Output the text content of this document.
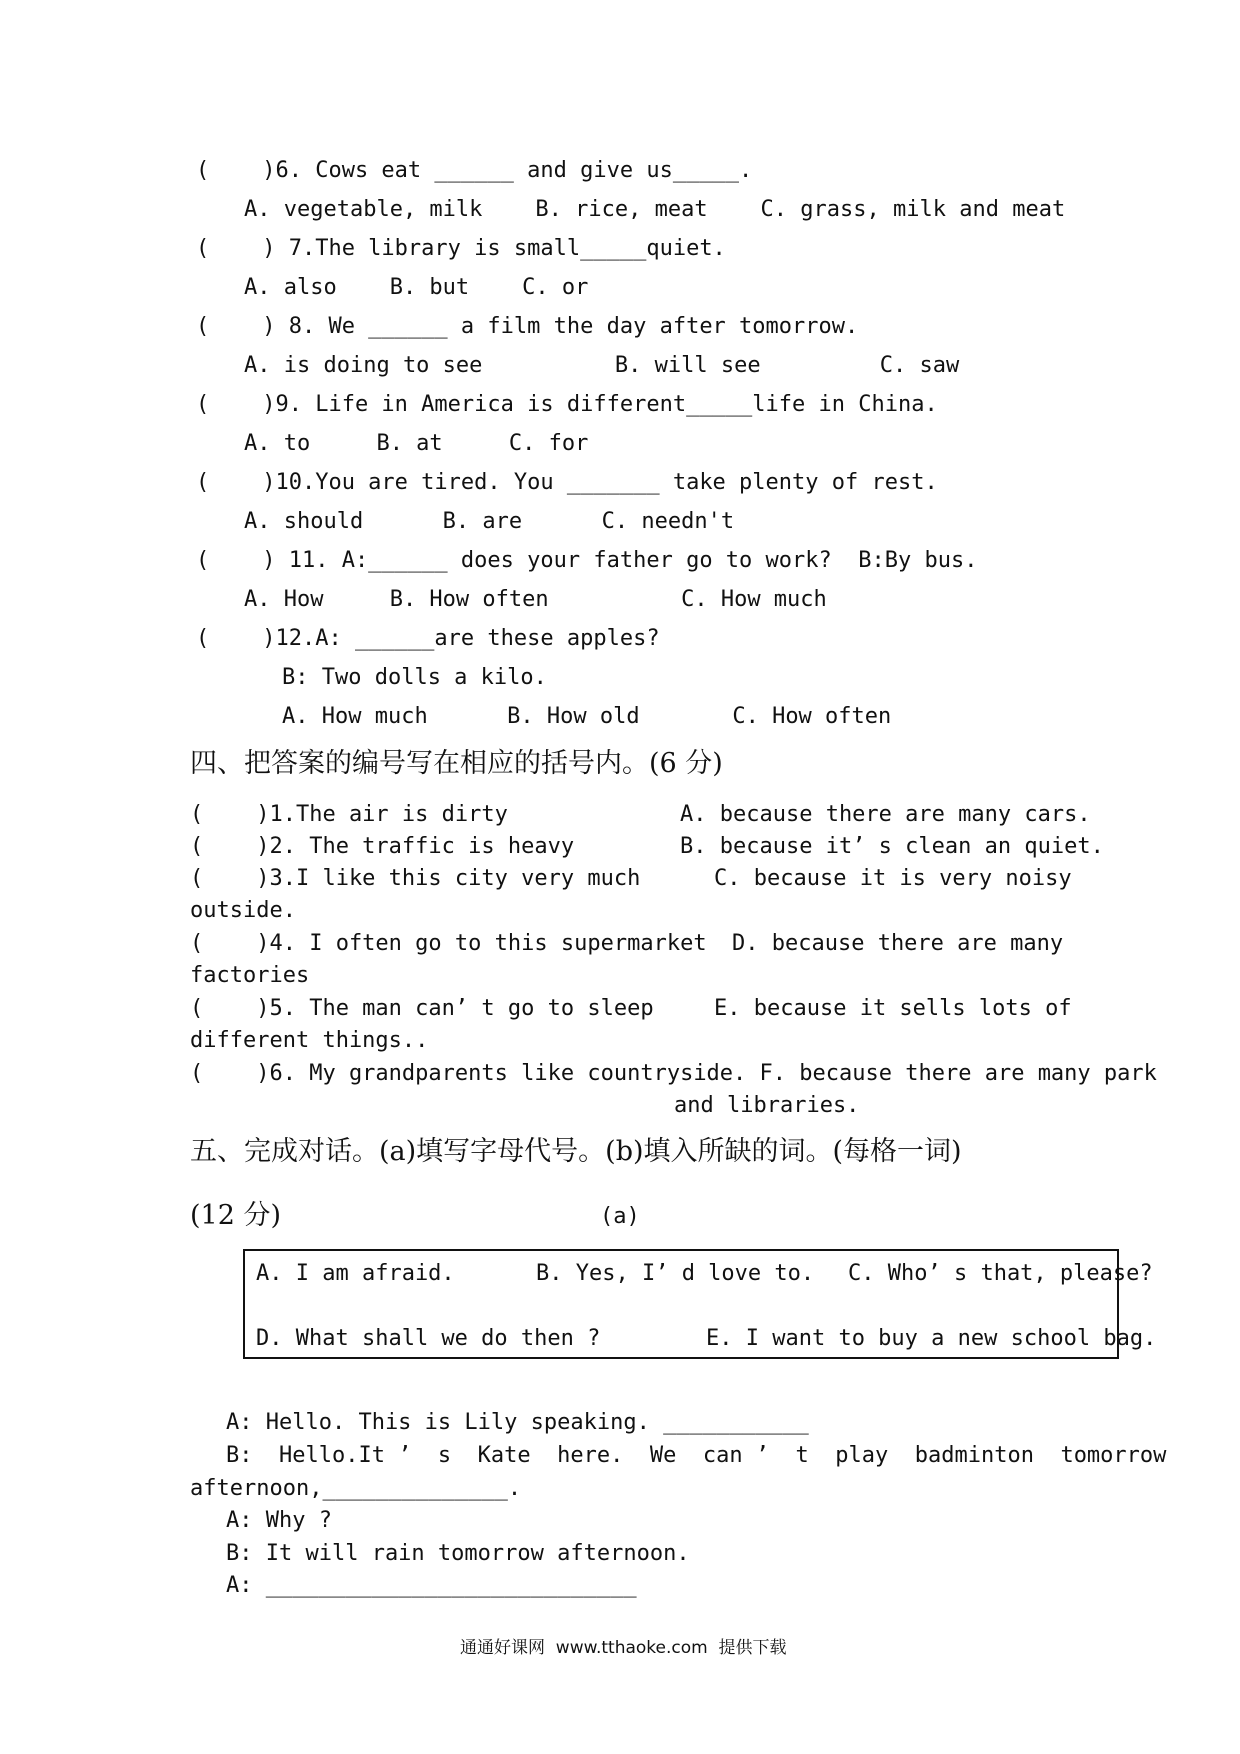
(    )6. Cows eat ______ and give us_____.
A. vegetable, milk    B. rice, meat    C. grass, milk and meat
(    ) 7.The library is small_____quiet.
A. also    B. but    C. or
(    ) 8. We ______ a film the day after tomorrow.
A. is doing to see          B. will see         C. saw
(    )9. Life in America is different_____life in China.
A. to     B. at     C. for
(    )10.You are tired. You _______ take plenty of rest.
A. should      B. are      C. needn't
(    ) 11. A:______ does your father go to work?  B:By bus.
A. How     B. How often          C. How much
(    )12.A: ______are these apples?
B: Two dolls a kilo.
A. How much      B. How old       C. How often
四、把答案的编号写在相应的括号内。(6 分)
(    )1.The air is dirty	A. because there are many cars.
(    )2. The traffic is heavy	B. because it’ s clean an quiet.
(    )3.I like this city very much	C. because it is very noisy
outside.
(    )4. I often go to this supermarket D. because there are many
factories
(    )5. The man can’ t go to sleep	E. because it sells lots of
different things..
(    )6. My grandparents like countryside. F. because there are many park
and libraries.
五、完成对话。(a)填写字母代号。(b)填入所缺的词。(每格一词)
(12 分)	(a)
A. I am afraid.	B. Yes, I’ d love to. C. Who’ s that, please?
D. What shall we do then ?	E. I want to buy a new school bag.
A: Hello. This is Lily speaking. ___________
B:  Hello.It ’  s  Kate  here.  We  can ’  t  play  badminton  tomorrow
afternoon,______________.
A: Why ?
B: It will rain tomorrow afternoon.
A: ____________________________
通通好课网  www.tthaoke.com  提供下载
